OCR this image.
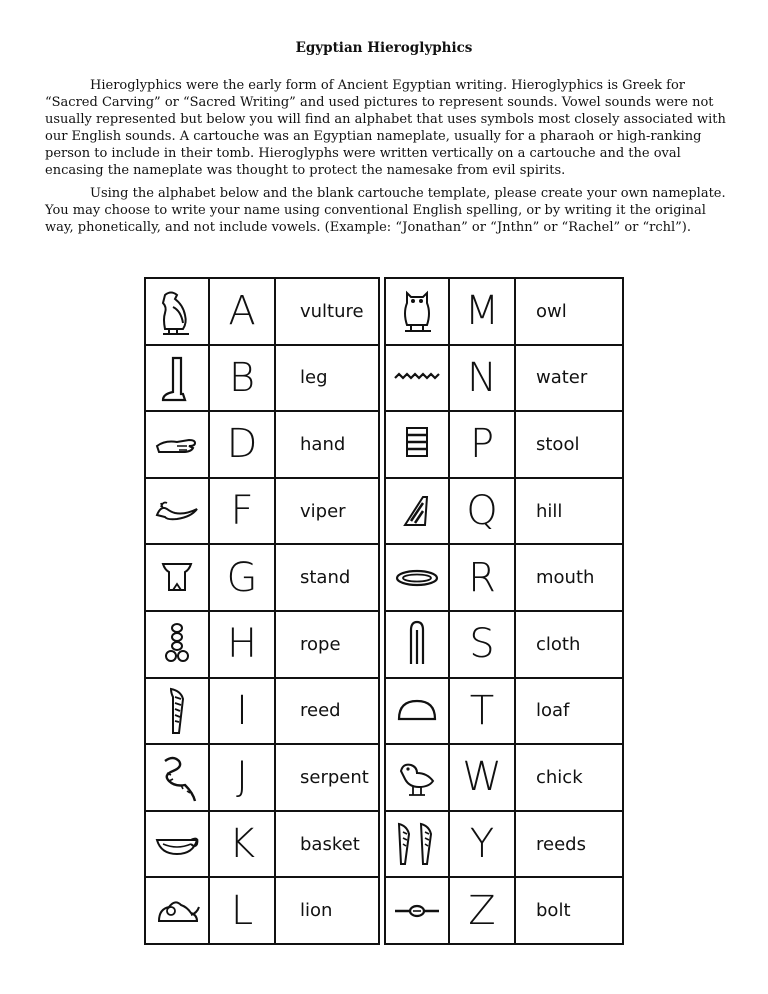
Egyptian Hieroglyphics

Hieroglyphics were the early form of Ancient Egyptian writing. Hieroglyphics is Greek for “Sacred Carving” or “Sacred Writing” and used pictures to represent sounds. Vowel sounds were not usually represented but below you will find an alphabet that uses symbols most closely associated with our English sounds. A cartouche was an Egyptian nameplate, usually for a pharaoh or high-ranking person to include in their tomb. Hieroglyphs were written vertically on a cartouche and the oval encasing the nameplate was thought to protect the namesake from evil spirits.

Using the alphabet below and the blank cartouche template, please create your own nameplate. You may choose to write your name using conventional English spelling, or by writing it the original way, phonetically, and not include vowels. (Example: “Jonathan” or “Jnthn” or “Rachel” or “rchl”).

A vulture
B leg
D hand
F	viper
G stand
H rope
I	reed
J	serpent
K basket
L	lion
M owl
N water
P stool
Q hill
R mouth
S cloth
T loaf
W chick
Y reeds
Z bolt
